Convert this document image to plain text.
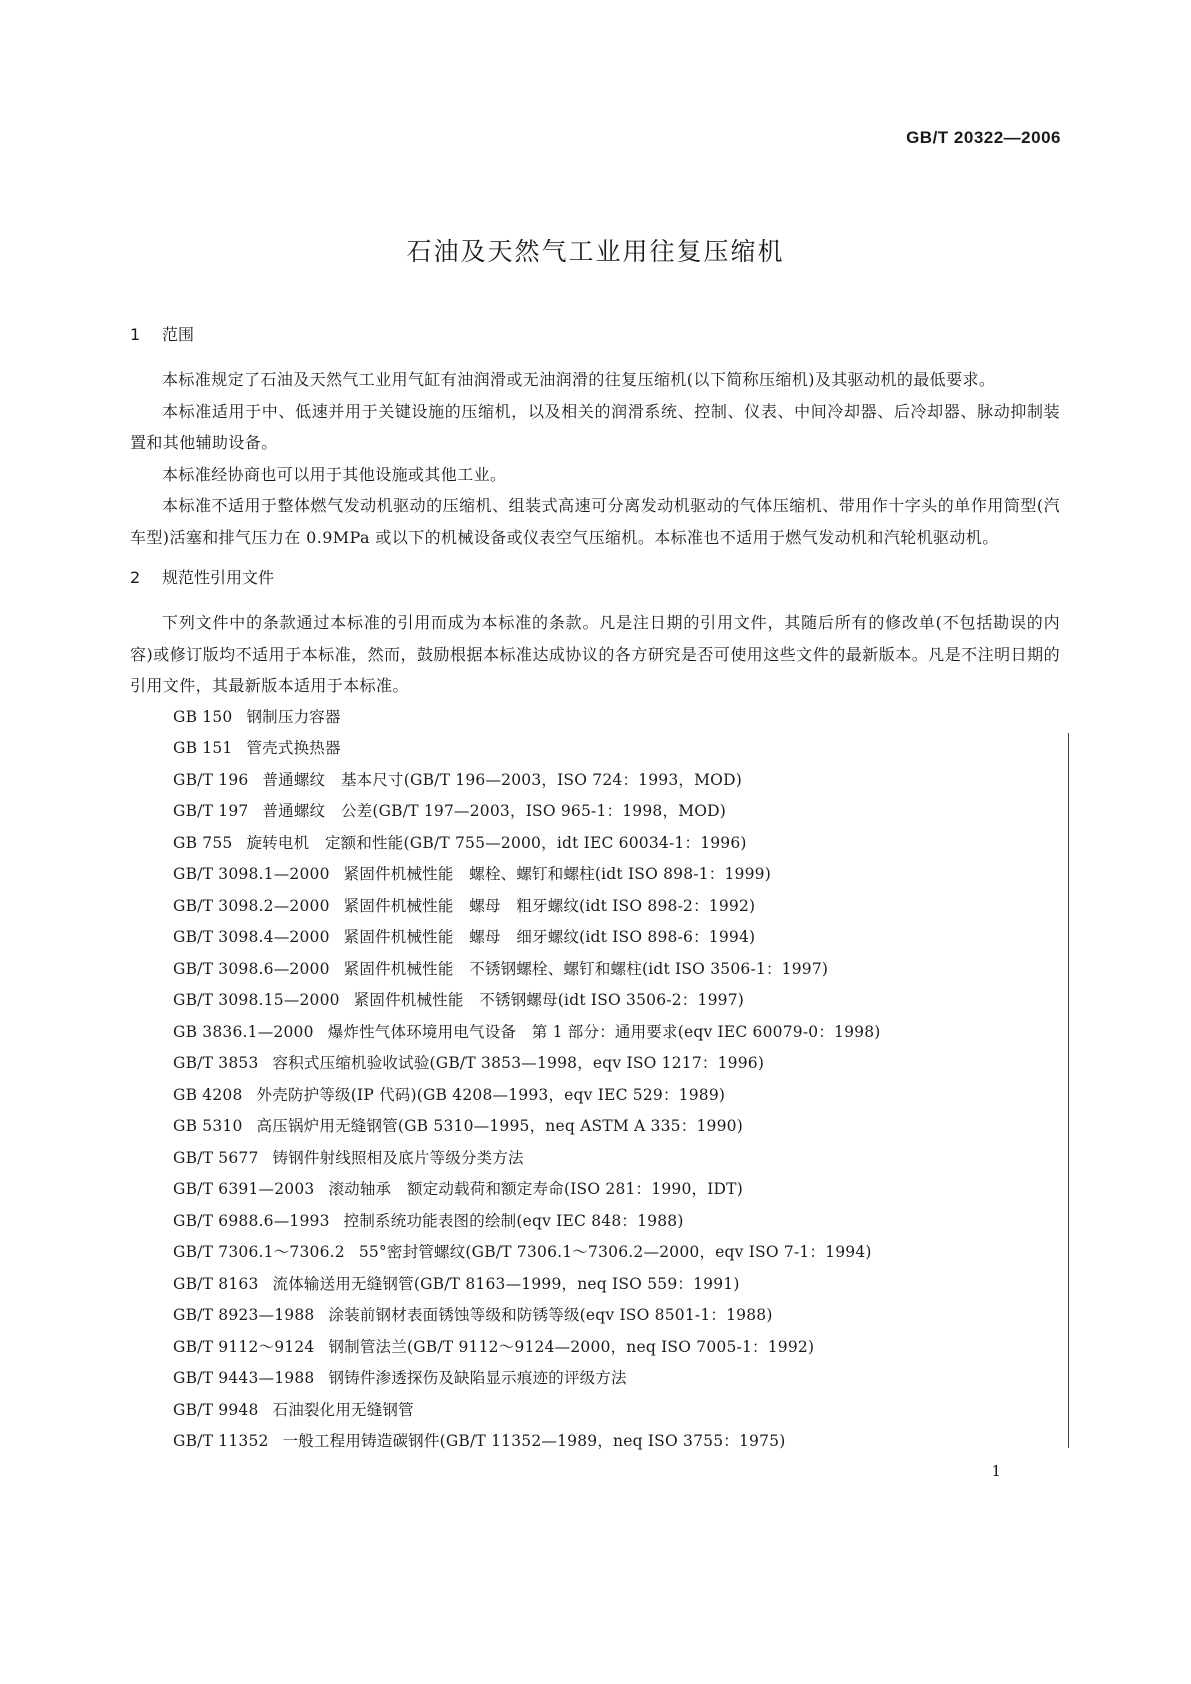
GB/T 20322—2006
石油及天然气工业用往复压缩机
1 范围

本标准规定了石油及天然气工业用气缸有油润滑或无油润滑的往复压缩机(以下简称压缩机)及其驱动机的最低要求。

本标准适用于中、低速并用于关键设施的压缩机，以及相关的润滑系统、控制、仪表、中间冷却器、后冷却器、脉动抑制装置和其他辅助设备。

本标准经协商也可以用于其他设施或其他工业。

本标准不适用于整体燃气发动机驱动的压缩机、组装式高速可分离发动机驱动的气体压缩机、带用作十字头的单作用筒型(汽车型)活塞和排气压力在 0.9MPa 或以下的机械设备或仪表空气压缩机。本标准也不适用于燃气发动机和汽轮机驱动机。

2 规范性引用文件

下列文件中的条款通过本标准的引用而成为本标准的条款。凡是注日期的引用文件，其随后所有的修改单(不包括勘误的内容)或修订版均不适用于本标准，然而，鼓励根据本标准达成协议的各方研究是否可使用这些文件的最新版本。凡是不注明日期的引用文件，其最新版本适用于本标准。

GB 150 钢制压力容器
GB 151 管壳式换热器
GB/T 196 普通螺纹　基本尺寸(GB/T 196—2003，ISO 724：1993，MOD)
GB/T 197 普通螺纹　公差(GB/T 197—2003，ISO 965-1：1998，MOD)
GB 755 旋转电机　定额和性能(GB/T 755—2000，idt IEC 60034-1：1996)
GB/T 3098.1—2000 紧固件机械性能　螺栓、螺钉和螺柱(idt ISO 898-1：1999)
GB/T 3098.2—2000 紧固件机械性能　螺母　粗牙螺纹(idt ISO 898-2：1992)
GB/T 3098.4—2000 紧固件机械性能　螺母　细牙螺纹(idt ISO 898-6：1994)
GB/T 3098.6—2000 紧固件机械性能　不锈钢螺栓、螺钉和螺柱(idt ISO 3506-1：1997)
GB/T 3098.15—2000 紧固件机械性能　不锈钢螺母(idt ISO 3506-2：1997)
GB 3836.1—2000 爆炸性气体环境用电气设备　第 1 部分：通用要求(eqv IEC 60079-0：1998)
GB/T 3853 容积式压缩机验收试验(GB/T 3853—1998，eqv ISO 1217：1996)
GB 4208 外壳防护等级(IP 代码)(GB 4208—1993，eqv IEC 529：1989)
GB 5310 高压锅炉用无缝钢管(GB 5310—1995，neq ASTM A 335：1990)
GB/T 5677 铸钢件射线照相及底片等级分类方法
GB/T 6391—2003 滚动轴承　额定动载荷和额定寿命(ISO 281：1990，IDT)
GB/T 6988.6—1993 控制系统功能表图的绘制(eqv IEC 848：1988)
GB/T 7306.1～7306.2 55°密封管螺纹(GB/T 7306.1～7306.2—2000，eqv ISO 7-1：1994)
GB/T 8163 流体输送用无缝钢管(GB/T 8163—1999，neq ISO 559：1991)
GB/T 8923—1988 涂装前钢材表面锈蚀等级和防锈等级(eqv ISO 8501-1：1988)
GB/T 9112～9124 钢制管法兰(GB/T 9112～9124—2000，neq ISO 7005-1：1992)
GB/T 9443—1988 钢铸件渗透探伤及缺陷显示痕迹的评级方法
GB/T 9948 石油裂化用无缝钢管
GB/T 11352 一般工程用铸造碳钢件(GB/T 11352—1989，neq ISO 3755：1975)
1
